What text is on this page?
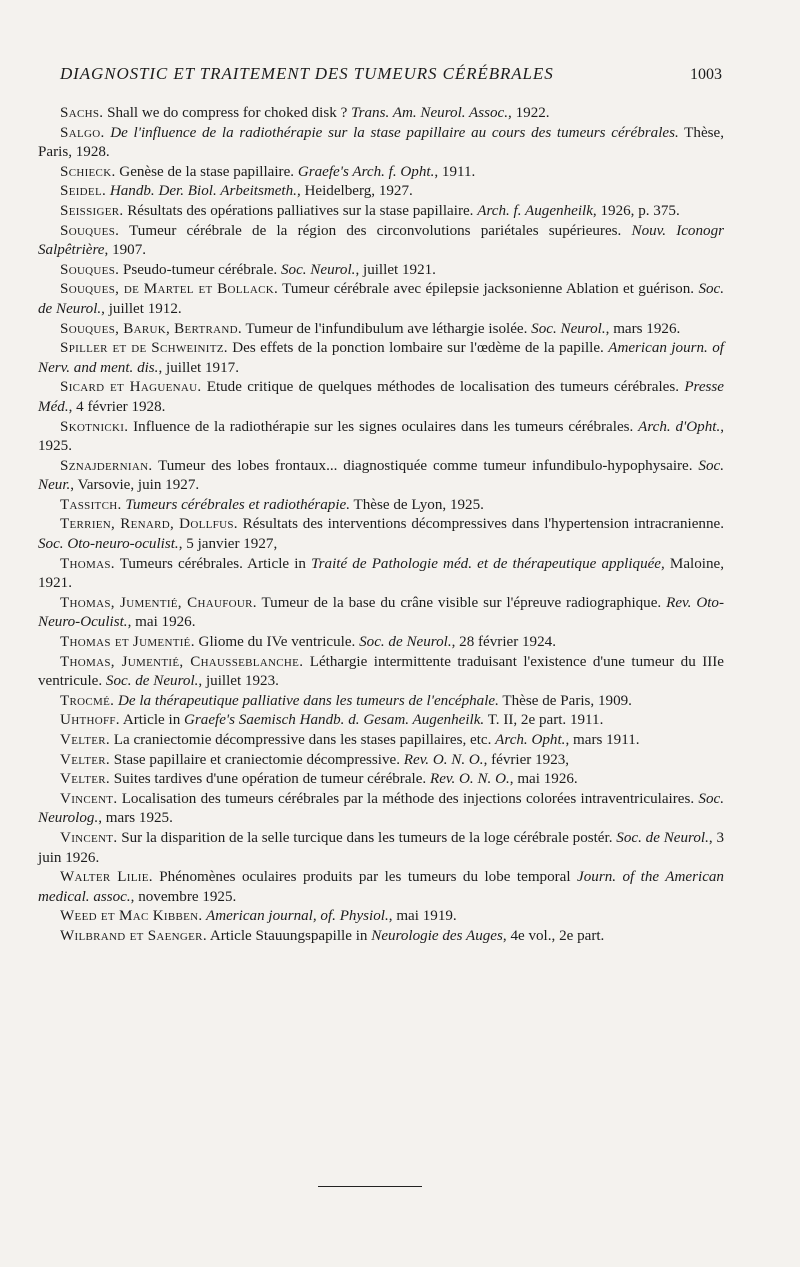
DIAGNOSTIC ET TRAITEMENT DES TUMEURS CÉRÉBRALES	1003

Sachs. Shall we do compress for choked disk ? Trans. Am. Neurol. Assoc., 1922.

Salgo. De l'influence de la radiothérapie sur la stase papillaire au cours des tumeurs cérébrales. Thèse, Paris, 1928.

Schieck. Genèse de la stase papillaire. Graefe's Arch. f. Opht., 1911.

Seidel. Handb. Der. Biol. Arbeitsmeth., Heidelberg, 1927.

Seissiger. Résultats des opérations palliatives sur la stase papillaire. Arch. f. Augenheilk, 1926, p. 375.

Souques. Tumeur cérébrale de la région des circonvolutions pariétales supérieures. Nouv. Iconogr Salpêtrière, 1907.

Souques. Pseudo-tumeur cérébrale. Soc. Neurol., juillet 1921.

Souques, de Martel et Bollack. Tumeur cérébrale avec épilepsie jacksonienne Ablation et guérison. Soc. de Neurol., juillet 1912.

Souques, Baruk, Bertrand. Tumeur de l'infundibulum ave léthargie isolée. Soc. Neurol., mars 1926.

Spiller et de Schweinitz. Des effets de la ponction lombaire sur l'œdème de la papille. American journ. of Nerv. and ment. dis., juillet 1917.

Sicard et Haguenau. Etude critique de quelques méthodes de localisation des tumeurs cérébrales. Presse Méd., 4 février 1928.

Skotnicki. Influence de la radiothérapie sur les signes oculaires dans les tumeurs cérébrales. Arch. d'Opht., 1925.

Sznajdernian. Tumeur des lobes frontaux... diagnostiquée comme tumeur infundibulo-hypophysaire. Soc. Neur., Varsovie, juin 1927.

Tassitch. Tumeurs cérébrales et radiothérapie. Thèse de Lyon, 1925.

Terrien, Renard, Dollfus. Résultats des interventions décompressives dans l'hypertension intracranienne. Soc. Oto-neuro-oculist., 5 janvier 1927,

Thomas. Tumeurs cérébrales. Article in Traité de Pathologie méd. et de thérapeutique appliquée, Maloine, 1921.

Thomas, Jumentié, Chaufour. Tumeur de la base du crâne visible sur l'épreuve radiographique. Rev. Oto-Neuro-Oculist., mai 1926.

Thomas et Jumentié. Gliome du IVe ventricule. Soc. de Neurol., 28 février 1924.

Thomas, Jumentié, Chausseblanche. Léthargie intermittente traduisant l'existence d'une tumeur du IIIe ventricule. Soc. de Neurol., juillet 1923.

Trocmé. De la thérapeutique palliative dans les tumeurs de l'encéphale. Thèse de Paris, 1909.

Uhthoff. Article in Graefe's Saemisch Handb. d. Gesam. Augenheilk. T. II, 2e part. 1911.

Velter. La craniectomie décompressive dans les stases papillaires, etc. Arch. Opht., mars 1911.

Velter. Stase papillaire et craniectomie décompressive. Rev. O. N. O., février 1923,

Velter. Suites tardives d'une opération de tumeur cérébrale. Rev. O. N. O., mai 1926.

Vincent. Localisation des tumeurs cérébrales par la méthode des injections colorées intraventriculaires. Soc. Neurolog., mars 1925.

Vincent. Sur la disparition de la selle turcique dans les tumeurs de la loge cérébrale postér. Soc. de Neurol., 3 juin 1926.

Walter Lilie. Phénomènes oculaires produits par les tumeurs du lobe temporal Journ. of the American medical. assoc., novembre 1925.

Weed et Mac Kibben. American journal, of. Physiol., mai 1919.

Wilbrand et Saenger. Article Stauungspapille in Neurologie des Auges, 4e vol., 2e part.
